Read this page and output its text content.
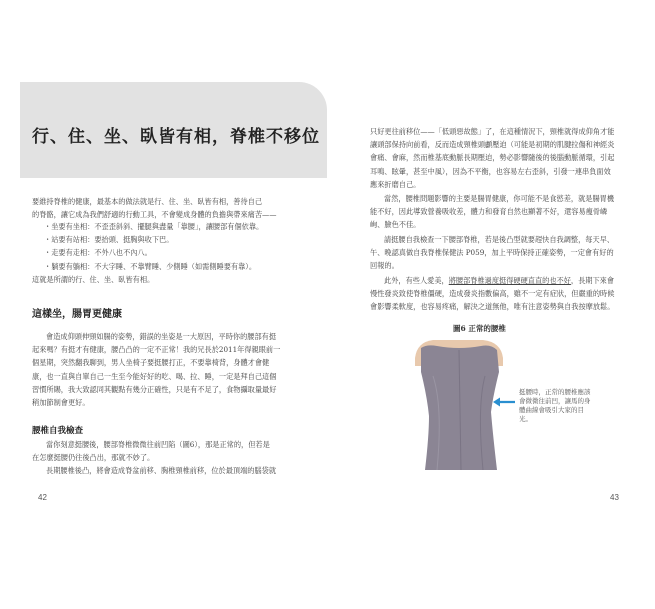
行、住、坐、臥皆有相，脊椎不移位
要維持脊椎的健康，最基本的做法就是行、住、坐、臥皆有相，善待自己
的脊骼，讓它成為我們舒適的行動工具，不會變成身體的負擔與帶來痛苦——
・坐要有坐相：不歪歪斜斜、擺腿與盡量「靠腰」，讓腰部有個依靠。
・站要有站相：要抬頭、挺胸與收下巴。
・走要有走相：不外八也不內八。
・躺要有躺相：不大字睡、不靠臂睡、少側睡（如需側睡要有靠）。
這就是所謂的行、住、坐、臥皆有相。
這樣坐，腸胃更健康
會造成仰頭伸頸如腸的姿勢，錯誤的坐姿是一大原因，平時你的腰部有挺
起來嗎？有挺才有健康，腰凸凸的一定不正常！我的兄長於2011年得親眼前一
個星期，突然翻我聊到，男人坐椅子要挺腰打正，不要靠椅背，身體才會健
康，也一直與自單自己一生至今能好好的吃、喝、拉、睡，一定是拜自己這個
習慣所賜，我大致認同其觀點有幾分正確性，只是有不足了，食物攝取量最好
稍加節制會更好。
腰椎自我檢查
當你刻意挺腰後，腰部脊椎微微往前凹陷（圖6），那是正常的，但若是
在怎麼挺腰仍往後凸出，那就不妙了。
長期腰椎後凸，將會造成脊盆前移、胸椎頸椎前移，位於最頂端的腦袋就
42
只好更往前移位——「低頭惡故態」了，在這種情況下，頸椎就得成仰角才能
讓頭部保持向前看，反而造成頸椎頭顱壓迫（可能是初期的肌腱拉傷和神經炎
會痛、會麻，然而椎基底動脈長期壓迫，勢必影響隨後的後腦動脈循環，引起
耳鳴、眩暈，甚至中風），因為不平衡，也容易左右歪斜，引發一連串負面效
應來折磨自己。
當然，腰椎問題影響的主要是腸胃健康，你可能不是食慾差，就是腸胃機
能不好，因此導致營養吸收差，體力和發育自然也顯著不好，還容易瘦骨嶙
峋、臉色不佳。
請挺腰自我檢查一下腰部脊椎，若是後凸型就要趕快自我調整，每天早、
午、晚認真做自我脊椎保健法 P059，加上平時保持正確姿勢，一定會有好的
回報的。
此外，有些人愛美，將腰部脊椎過度挺得硬硬直直的也不好，長期下來會
慢性發炎致使脊椎僵硬，造成發炎指數偏高，雖不一定有症狀，但嚴重的時候
會影響柔軟度，也容易疼痛，解決之道無他，唯有注意姿勢與自我按摩放鬆。
圖6 正常的腰椎
挺腰時，正常的腰椎應該會微微往前凹，讓馬的身體曲線會吸引大家的目光。
43
